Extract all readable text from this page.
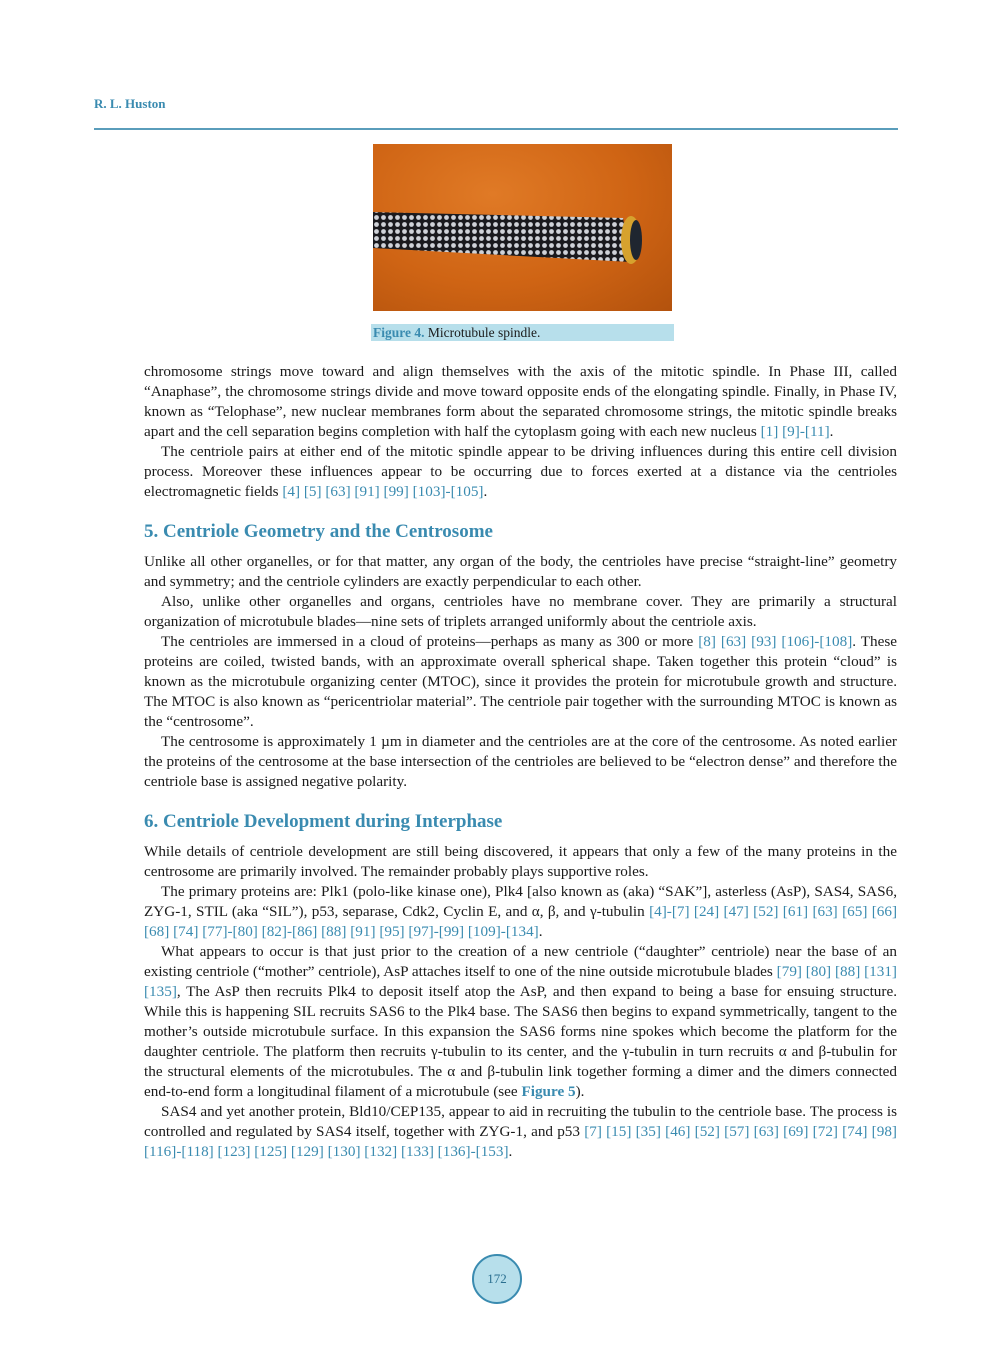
R. L. Huston
Figure 4. Microtubule spindle.

chromosome strings move toward and align themselves with the axis of the mitotic spindle. In Phase III, called “Anaphase”, the chromosome strings divide and move toward opposite ends of the elongating spindle. Finally, in Phase IV, known as “Telophase”, new nuclear membranes form about the separated chromosome strings, the mitotic spindle breaks apart and the cell separation begins completion with half the cytoplasm going with each new nucleus [1] [9]-[11].

The centriole pairs at either end of the mitotic spindle appear to be driving influences during this entire cell division process. Moreover these influences appear to be occurring due to forces exerted at a distance via the centrioles electromagnetic fields [4] [5] [63] [91] [99] [103]-[105].

5. Centriole Geometry and the Centrosome

Unlike all other organelles, or for that matter, any organ of the body, the centrioles have precise “straight-line” geometry and symmetry; and the centriole cylinders are exactly perpendicular to each other.

Also, unlike other organelles and organs, centrioles have no membrane cover. They are primarily a structural organization of microtubule blades—nine sets of triplets arranged uniformly about the centriole axis.

The centrioles are immersed in a cloud of proteins—perhaps as many as 300 or more [8] [63] [93] [106]-[108]. These proteins are coiled, twisted bands, with an approximate overall spherical shape. Taken together this protein “cloud” is known as the microtubule organizing center (MTOC), since it provides the protein for microtubule growth and structure. The MTOC is also known as “pericentriolar material”. The centriole pair together with the surrounding MTOC is known as the “centrosome”.

The centrosome is approximately 1 µm in diameter and the centrioles are at the core of the centrosome. As noted earlier the proteins of the centrosome at the base intersection of the centrioles are believed to be “electron dense” and therefore the centriole base is assigned negative polarity.

6. Centriole Development during Interphase

While details of centriole development are still being discovered, it appears that only a few of the many proteins in the centrosome are primarily involved. The remainder probably plays supportive roles.

The primary proteins are: Plk1 (polo-like kinase one), Plk4 [also known as (aka) “SAK”], asterless (AsP), SAS4, SAS6, ZYG-1, STIL (aka “SIL”), p53, separase, Cdk2, Cyclin E, and α, β, and γ-tubulin [4]-[7] [24] [47] [52] [61] [63] [65] [66] [68] [74] [77]-[80] [82]-[86] [88] [91] [95] [97]-[99] [109]-[134].

What appears to occur is that just prior to the creation of a new centriole (“daughter” centriole) near the base of an existing centriole (“mother” centriole), AsP attaches itself to one of the nine outside microtubule blades [79] [80] [88] [131] [135], The AsP then recruits Plk4 to deposit itself atop the AsP, and then expand to being a base for ensuing structure. While this is happening SIL recruits SAS6 to the Plk4 base. The SAS6 then begins to expand symmetrically, tangent to the mother’s outside microtubule surface. In this expansion the SAS6 forms nine spokes which become the platform for the daughter centriole. The platform then recruits γ-tubulin to its center, and the γ-tubulin in turn recruits α and β-tubulin for the structural elements of the microtubules. The α and β-tubulin link together forming a dimer and the dimers connected end-to-end form a longitudinal filament of a microtubule (see Figure 5).

SAS4 and yet another protein, Bld10/CEP135, appear to aid in recruiting the tubulin to the centriole base. The process is controlled and regulated by SAS4 itself, together with ZYG-1, and p53 [7] [15] [35] [46] [52] [57] [63] [69] [72] [74] [98] [116]-[118] [123] [125] [129] [130] [132] [133] [136]-[153].

172
